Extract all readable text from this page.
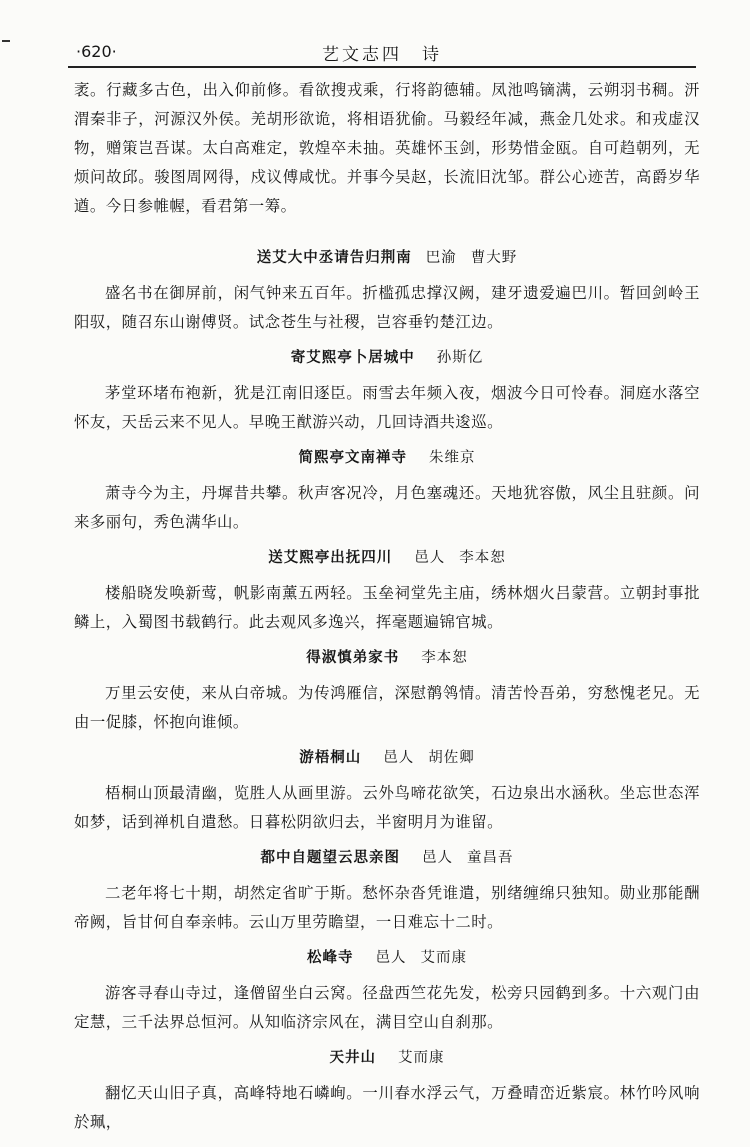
·620·	艺文志四　诗

袤。行藏多古色，出入仰前修。看欲搜戎乘，行将韵德辅。凤池鸣镝满，云朔羽书稠。汧渭秦非子，河源汉外侯。羌胡形欲诡，将相语犹偷。马毅经年减，燕金几处求。和戎虚汉物，赠策岂吾谋。太白高难定，敦煌卒未抽。英雄怀玉剑，形势惜金瓯。自可趋朝列，无烦问故邱。骏图周网得，戍议傅咸忧。并事今吴赵，长流旧沈邹。群公心迹苦，高爵岁华遒。今日参帷幄，看君第一筹。

送艾大中丞请告归荆南 巴渝 曹大野

盛名书在御屏前，闲气钟来五百年。折槛孤忠撑汉阙，建牙遗爱遍巴川。暂回剑岭王阳驭，随召东山谢傅贤。试念苍生与社稷，岂容垂钓楚江边。

寄艾熙亭卜居城中 孙斯亿

茅堂环堵布袍新，犹是江南旧逐臣。雨雪去年频入夜，烟波今日可怜春。洞庭水落空怀友，天岳云来不见人。早晚王猷游兴动，几回诗酒共逡巡。

简熙亭文南禅寺 朱维京

萧寺今为主，丹墀昔共攀。秋声客况冷，月色塞魂还。天地犹容傲，风尘且驻颜。问来多丽句，秀色满华山。

送艾熙亭出抚四川 邑人 李本恕

楼船晓发唤新莺，帆影南薰五两轻。玉垒祠堂先主庙，绣林烟火吕蒙营。立朝封事批鳞上，入蜀图书载鹤行。此去观风多逸兴，挥毫题遍锦官城。

得淑慎弟家书 李本恕

万里云安使，来从白帝城。为传鸿雁信，深慰鹡鸰情。清苦怜吾弟，穷愁愧老兄。无由一促膝，怀抱向谁倾。

游梧桐山 邑人 胡佐卿

梧桐山顶最清幽，览胜人从画里游。云外鸟啼花欲笑，石边泉出水涵秋。坐忘世态浑如梦，话到禅机自遣愁。日暮松阴欲归去，半窗明月为谁留。

都中自题望云思亲图 邑人 童昌吾

二老年将七十期，胡然定省旷于斯。愁怀杂沓凭谁遣，别绪缠绵只独知。勋业那能酬帝阙，旨甘何自奉亲帏。云山万里劳瞻望，一日难忘十二时。

松峰寺 邑人 艾而康

游客寻春山寺过，逢僧留坐白云窝。径盘西竺花先发，松旁只园鹤到多。十六观门由定慧，三千法界总恒河。从知临济宗风在，满目空山自刹那。

天井山 艾而康

翻忆天山旧子真，高峰特地石嶙峋。一川春水浮云气，万叠晴峦近紫宸。林竹吟风响於珮，
